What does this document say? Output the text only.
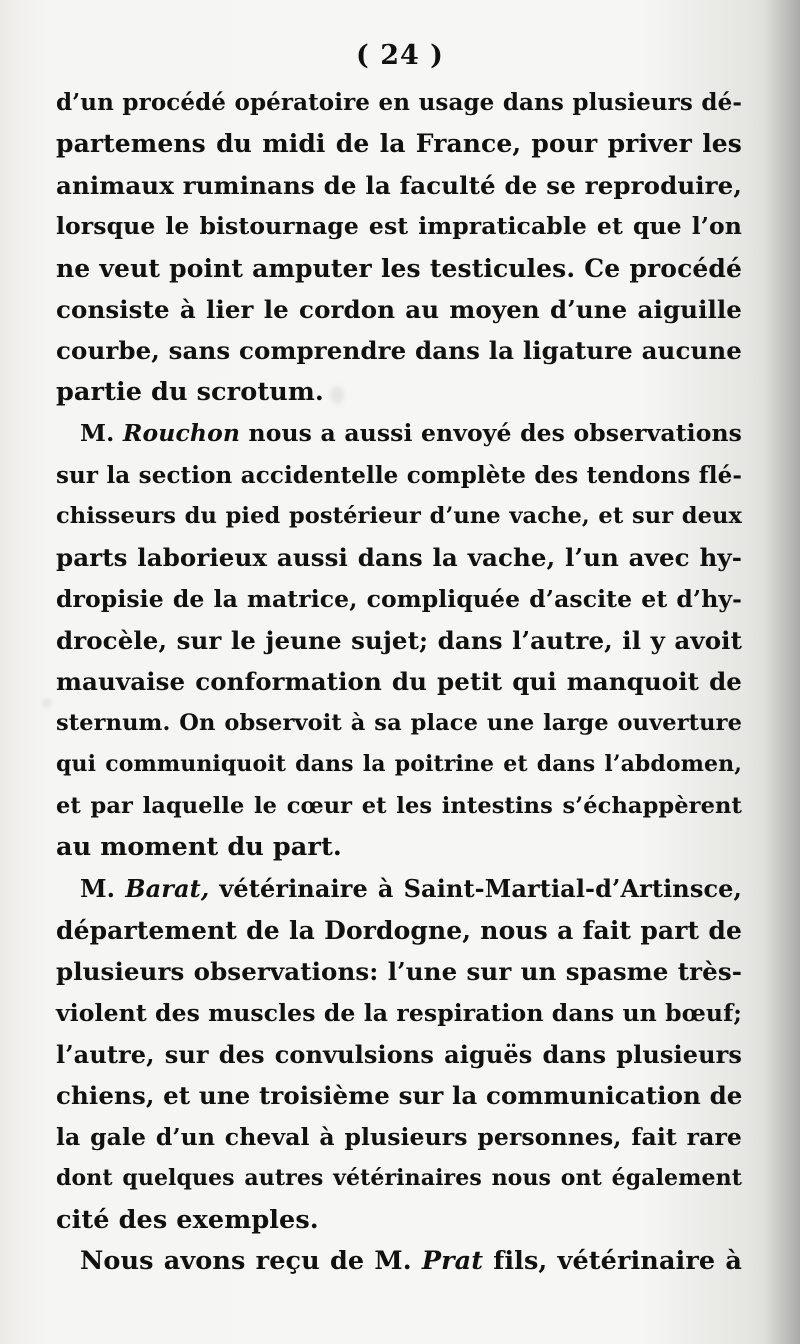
( 24 )
d’un procédé opératoire en usage dans plusieurs dé-
partemens du midi de la France, pour priver les
animaux ruminans de la faculté de se reproduire,
lorsque le bistournage est impraticable et que l’on
ne veut point amputer les testicules. Ce procédé
consiste à lier le cordon au moyen d’une aiguille
courbe, sans comprendre dans la ligature aucune
partie du scrotum.
M. Rouchon nous a aussi envoyé des observations
sur la section accidentelle complète des tendons flé-
chisseurs du pied postérieur d’une vache, et sur deux
parts laborieux aussi dans la vache, l’un avec hy-
dropisie de la matrice, compliquée d’ascite et d’hy-
drocèle, sur le jeune sujet; dans l’autre, il y avoit
mauvaise conformation du petit qui manquoit de
sternum. On observoit à sa place une large ouverture
qui communiquoit dans la poitrine et dans l’abdomen,
et par laquelle le cœur et les intestins s’échappèrent
au moment du part.
M. Barat, vétérinaire à Saint-Martial-d’Artinsce,
département de la Dordogne, nous a fait part de
plusieurs observations: l’une sur un spasme très-
violent des muscles de la respiration dans un bœuf;
l’autre, sur des convulsions aiguës dans plusieurs
chiens, et une troisième sur la communication de
la gale d’un cheval à plusieurs personnes, fait rare
dont quelques autres vétérinaires nous ont également
cité des exemples.
Nous avons reçu de M. Prat fils, vétérinaire à
